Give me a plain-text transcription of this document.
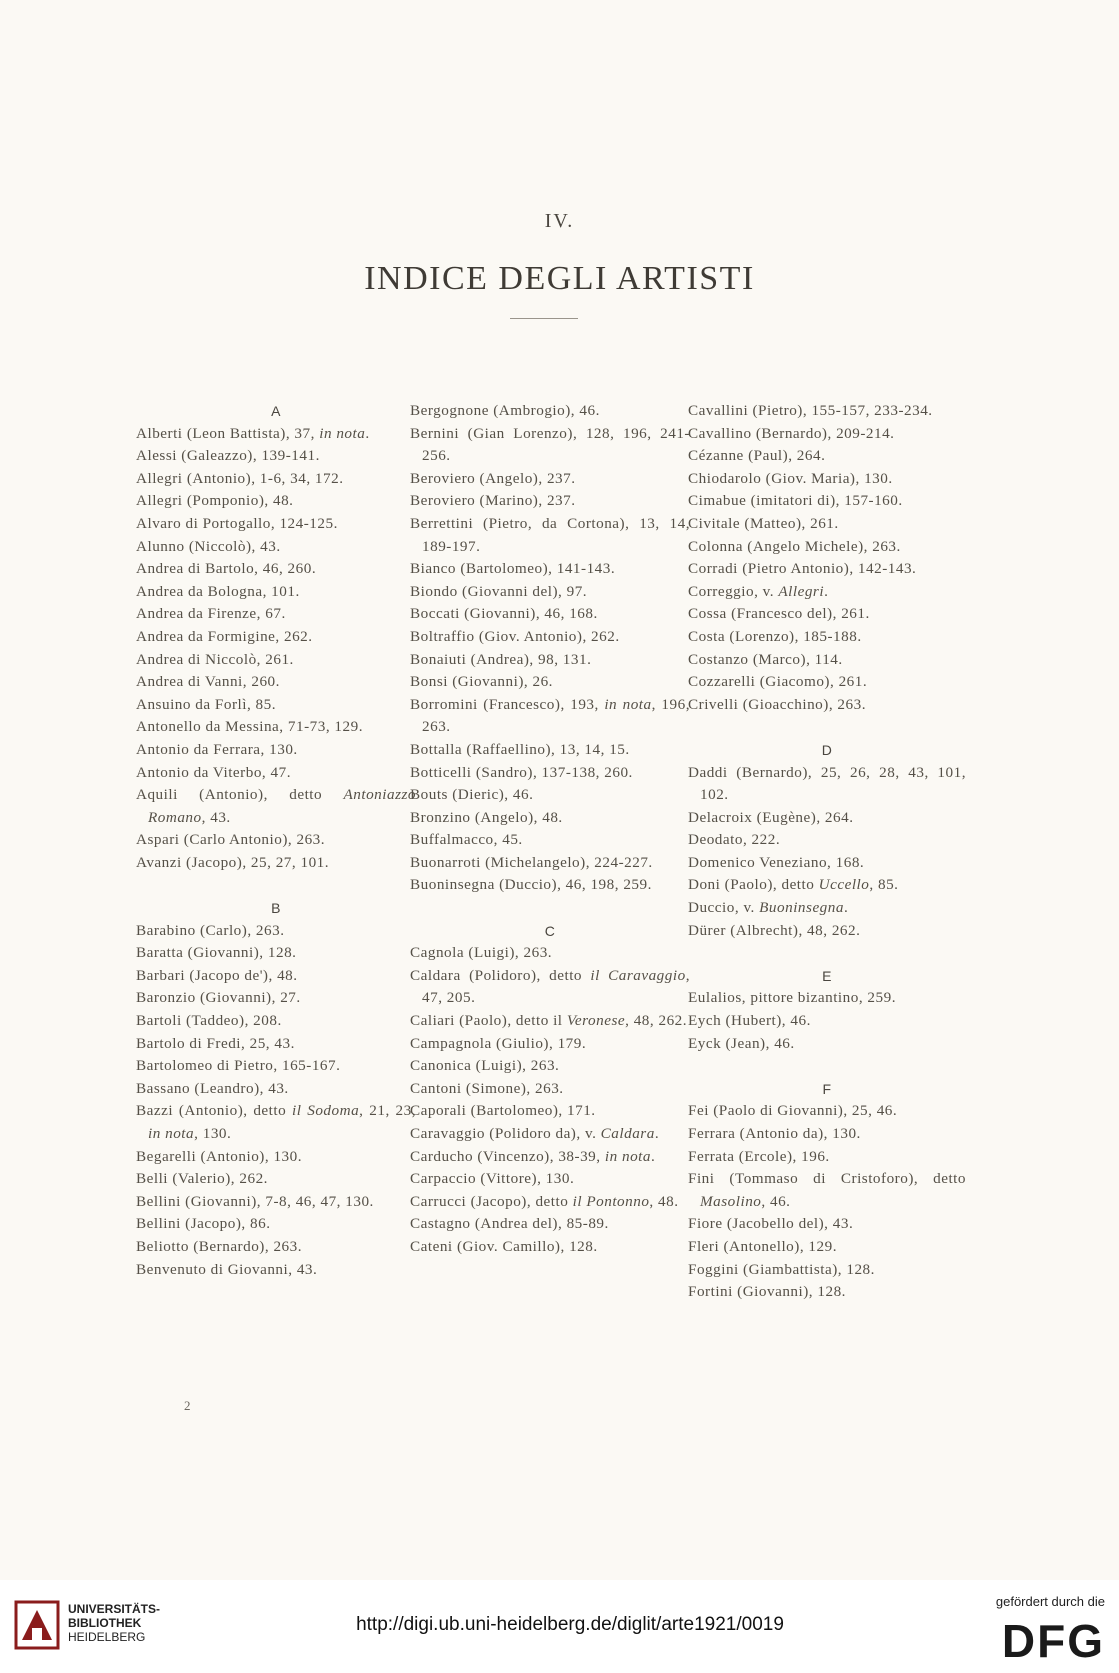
IV.
INDICE DEGLI ARTISTI
A
Alberti (Leon Battista), 37, in nota.
Alessi (Galeazzo), 139-141.
Allegri (Antonio), 1-6, 34, 172.
Allegri (Pomponio), 48.
Alvaro di Portogallo, 124-125.
Alunno (Niccolò), 43.
Andrea di Bartolo, 46, 260.
Andrea da Bologna, 101.
Andrea da Firenze, 67.
Andrea da Formigine, 262.
Andrea di Niccolò, 261.
Andrea di Vanni, 260.
Ansuino da Forlì, 85.
Antonello da Messina, 71-73, 129.
Antonio da Ferrara, 130.
Antonio da Viterbo, 47.
Aquili (Antonio), detto Antoniazzo Romano, 43.
Aspari (Carlo Antonio), 263.
Avanzi (Jacopo), 25, 27, 101.
B
Barabino (Carlo), 263.
Baratta (Giovanni), 128.
Barbari (Jacopo de'), 48.
Baronzio (Giovanni), 27.
Bartoli (Taddeo), 208.
Bartolo di Fredi, 25, 43.
Bartolomeo di Pietro, 165-167.
Bassano (Leandro), 43.
Bazzi (Antonio), detto il Sodoma, 21, 23, in nota, 130.
Begarelli (Antonio), 130.
Belli (Valerio), 262.
Bellini (Giovanni), 7-8, 46, 47, 130.
Bellini (Jacopo), 86.
Beliotto (Bernardo), 263.
Benvenuto di Giovanni, 43.
Bergognone (Ambrogio), 46.
Bernini (Gian Lorenzo), 128, 196, 241-256.
Beroviero (Angelo), 237.
Beroviero (Marino), 237.
Berrettini (Pietro, da Cortona), 13, 14, 189-197.
Bianco (Bartolomeo), 141-143.
Biondo (Giovanni del), 97.
Boccati (Giovanni), 46, 168.
Boltraffio (Giov. Antonio), 262.
Bonaiuti (Andrea), 98, 131.
Bonsi (Giovanni), 26.
Borromini (Francesco), 193, in nota, 196, 263.
Bottalla (Raffaellino), 13, 14, 15.
Botticelli (Sandro), 137-138, 260.
Bouts (Dieric), 46.
Bronzino (Angelo), 48.
Buffalmacco, 45.
Buonarroti (Michelangelo), 224-227.
Buoninsegna (Duccio), 46, 198, 259.
C
Cagnola (Luigi), 263.
Caldara (Polidoro), detto il Caravaggio, 47, 205.
Caliari (Paolo), detto il Veronese, 48, 262.
Campagnola (Giulio), 179.
Canonica (Luigi), 263.
Cantoni (Simone), 263.
Caporali (Bartolomeo), 171.
Caravaggio (Polidoro da), v. Caldara.
Carducho (Vincenzo), 38-39, in nota.
Carpaccio (Vittore), 130.
Carrucci (Jacopo), detto il Pontonno, 48.
Castagno (Andrea del), 85-89.
Cateni (Giov. Camillo), 128.
Cavallini (Pietro), 155-157, 233-234.
Cavallino (Bernardo), 209-214.
Cézanne (Paul), 264.
Chiodarolo (Giov. Maria), 130.
Cimabue (imitatori di), 157-160.
Civitale (Matteo), 261.
Colonna (Angelo Michele), 263.
Corradi (Pietro Antonio), 142-143.
Correggio, v. Allegri.
Cossa (Francesco del), 261.
Costa (Lorenzo), 185-188.
Costanzo (Marco), 114.
Cozzarelli (Giacomo), 261.
Crivelli (Gioacchino), 263.
D
Daddi (Bernardo), 25, 26, 28, 43, 101, 102.
Delacroix (Eugène), 264.
Deodato, 222.
Domenico Veneziano, 168.
Doni (Paolo), detto Uccello, 85.
Duccio, v. Buoninsegna.
Dürer (Albrecht), 48, 262.
E
Eulalios, pittore bizantino, 259.
Eych (Hubert), 46.
Eyck (Jean), 46.
F
Fei (Paolo di Giovanni), 25, 46.
Ferrara (Antonio da), 130.
Ferrata (Ercole), 196.
Fini (Tommaso di Cristoforo), detto Masolino, 46.
Fiore (Jacobello del), 43.
Fleri (Antonello), 129.
Foggini (Giambattista), 128.
Fortini (Giovanni), 128.
2
UNIVERSITÄTS-
BIBLIOTHEK
HEIDELBERG
http://digi.ub.uni-heidelberg.de/diglit/arte1921/0019
gefördert durch die
DFG
